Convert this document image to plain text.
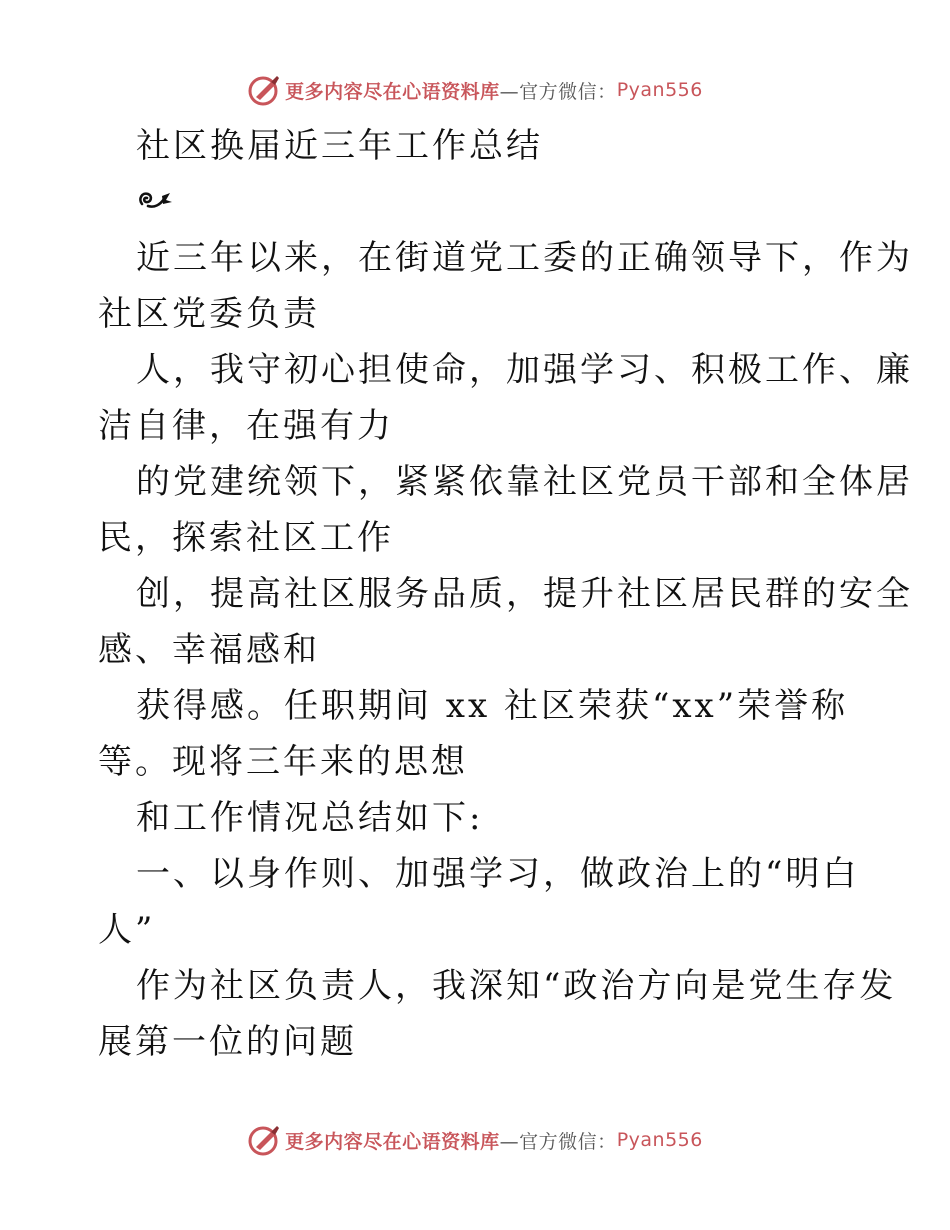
更多内容尽在心语资料库 —官方微信： Pyan556
社区换届近三年工作总结
近三年以来，在街道党工委的正确领导下，作为
社区党委负责
人，我守初心担使命，加强学习、积极工作、廉
洁自律，在强有力
的党建统领下，紧紧依靠社区党员干部和全体居
民，探索社区工作
创，提高社区服务品质，提升社区居民群的安全
感、幸福感和
获得感。任职期间 xx 社区荣获“xx”荣誉称
等。现将三年来的思想
和工作情况总结如下:
一、以身作则、加强学习，做政治上的“明白
人”
作为社区负责人，我深知“政治方向是党生存发
展第一位的问题
更多内容尽在心语资料库 —官方微信： Pyan556
